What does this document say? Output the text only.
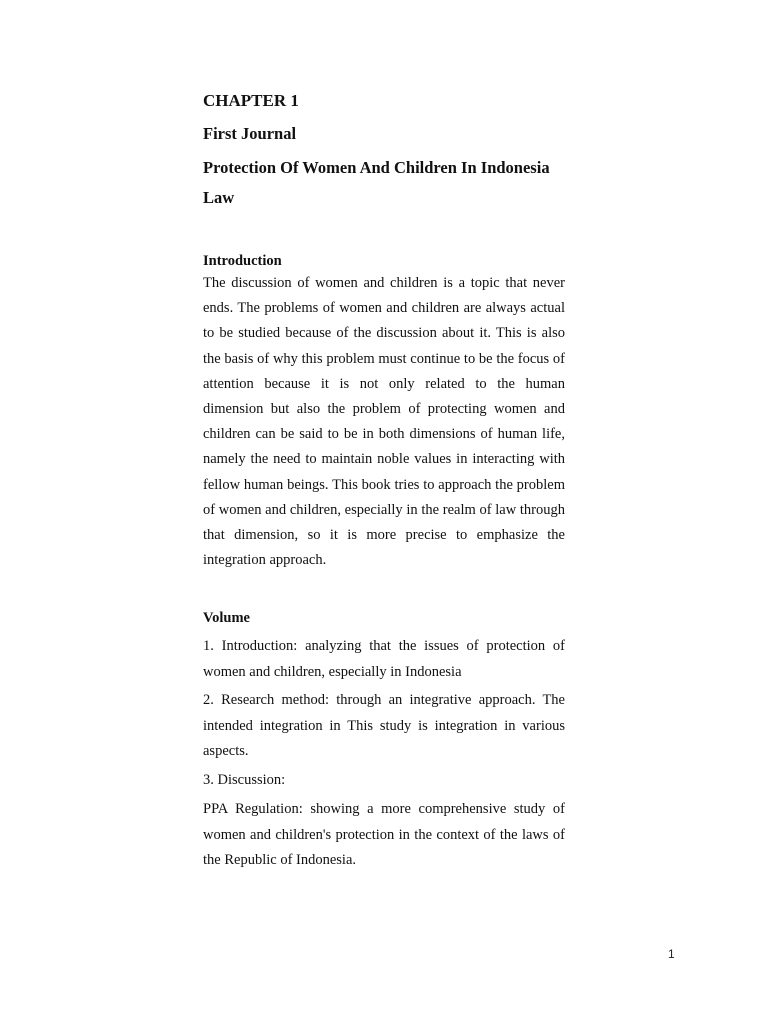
CHAPTER 1
First Journal
Protection Of Women And Children In Indonesia Law
Introduction

The discussion of women and children is a topic that never ends. The problems of women and children are always actual to be studied because of the discussion about it. This is also the basis of why this problem must continue to be the focus of attention because it is not only related to the human dimension but also the problem of protecting women and children can be said to be in both dimensions of human life, namely the need to maintain noble values in interacting with fellow human beings. This book tries to approach the problem of women and children, especially in the realm of law through that dimension, so it is more precise to emphasize the integration approach.

Volume

1. Introduction: analyzing that the issues of protection of women and children, especially in Indonesia

2. Research method: through an integrative approach. The intended integration in This study is integration in various aspects.

3. Discussion:

PPA Regulation: showing a more comprehensive study of women and children's protection in the context of the laws of the Republic of Indonesia.

1
